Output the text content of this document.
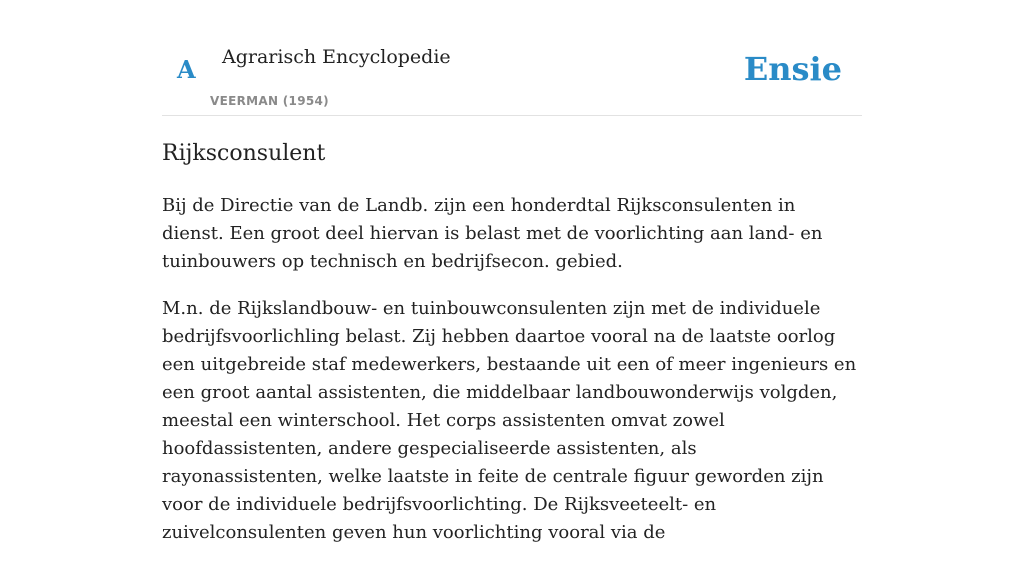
A Agrarisch Encyclopedie
VEERMAN (1954)
Ensie
Rijksconsulent

Bij de Directie van de Landb. zijn een honderdtal Rijksconsulenten in dienst. Een groot deel hiervan is belast met de voorlichting aan land- en tuinbouwers op technisch en bedrijfsecon. gebied.

M.n. de Rijkslandbouw- en tuinbouwconsulenten zijn met de individuele bedrijfsvoorlichling belast. Zij hebben daartoe vooral na de laatste oorlog een uitgebreide staf medewerkers, bestaande uit een of meer ingenieurs en een groot aantal assistenten, die middelbaar landbouwonderwijs volgden, meestal een winterschool. Het corps assistenten omvat zowel hoofdassistenten, andere gespecialiseerde assistenten, als rayonassistenten, welke laatste in feite de centrale figuur geworden zijn voor de individuele bedrijfsvoorlichting. De Rijksveeteelt- en zuivelconsulenten geven hun voorlichting vooral via de
